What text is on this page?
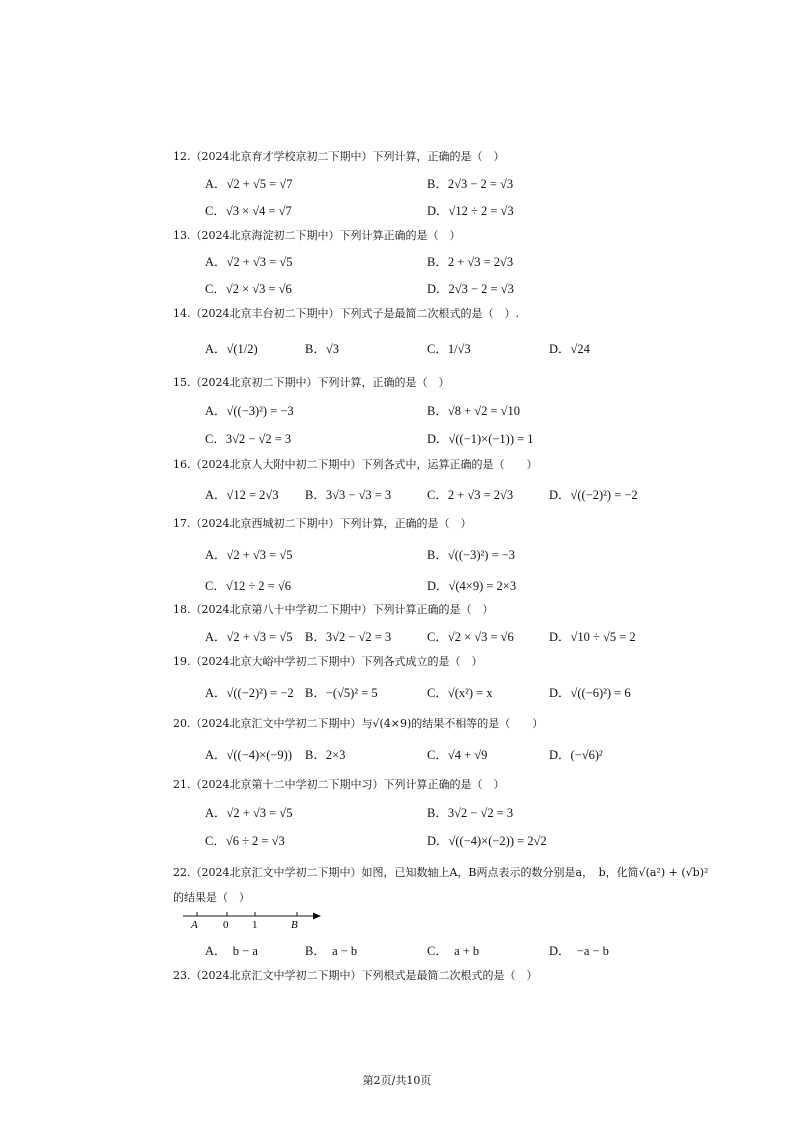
12.（2024北京育才学校京初二下期中）下列计算，正确的是（　）
A．√2 + √5 = √7	B．2√3 − 2 = √3
C．√3 × √4 = √7	D．√12 ÷ 2 = √3
13.（2024北京海淀初二下期中）下列计算正确的是（　）
A．√2 + √3 = √5	B．2 + √3 = 2√3
C．√2 × √3 = √6	D．2√3 − 2 = √3
14.（2024北京丰台初二下期中）下列式子是最简二次根式的是（　）.
A．√(1/2)	B．√3	C．1/√3	D．√24
15.（2024北京初二下期中）下列计算，正确的是（　）
A．√((−3)²) = −3	B．√8 + √2 = √10
C．3√2 − √2 = 3	D．√((−1)×(−1)) = 1
16.（2024北京人大附中初二下期中）下列各式中，运算正确的是（　　）
A．√12 = 2√3 B．3√3 − √3 = 3	C．2 + √3 = 2√3	D．√((−2)²) = −2
17.（2024北京西城初二下期中）下列计算，正确的是（　）
A．√2 + √3 = √5	B．√((−3)²) = −3
C．√12 ÷ 2 = √6	D．√(4×9) = 2×3
18.（2024北京第八十中学初二下期中）下列计算正确的是（　）
A．√2 + √3 = √5 B．3√2 − √2 = 3	C．√2 × √3 = √6	D．√10 ÷ √5 = 2
19.（2024北京大峪中学初二下期中）下列各式成立的是（　）
A．√((−2)²) = −2 B．−(√5)² = 5	C．√(x²) = x	D．√((−6)²) = 6
20.（2024北京汇文中学初二下期中）与√(4×9)的结果不相等的是（　　）
A．√((−4)×(−9)) B．2×3	C．√4 + √9	D．(−√6)²
21.（2024北京第十二中学初二下期中习）下列计算正确的是（　）
A．√2 + √3 = √5	B．3√2 − √2 = 3
C．√6 ÷ 2 = √3	D．√((−4)×(−2)) = 2√2
22.（2024北京汇文中学初二下期中）如图，已知数轴上A，B两点表示的数分别是a，　b，化简√(a²) + (√b)²
的结果是（　）
A 0 1	B
A．　b − a	B．　a − b	C．　a + b	D．　−a − b
23.（2024北京汇文中学初二下期中）下列根式是最简二次根式的是（　）
第2页/共10页
